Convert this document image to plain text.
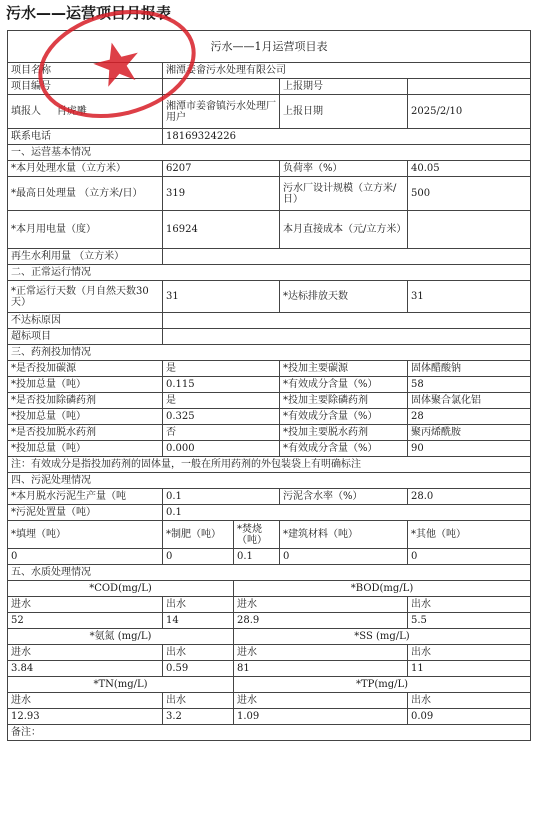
污水——运营项目月报表
污水——1月运营项目表				
项目名称	湘潭姜畲污水处理有限公司			
项目编号			上报期号	
填报人 肖虎雕	湘潭市姜畲镇污水处理厂用户		上报日期	2025/2/10
联系电话	18169324226			
一、运营基本情况				
*本月处理水量（立方米）	6207		负荷率（%）	40.05
*最高日处理量 （立方米/日）	319		污水厂设计规模（立方米/日）	500
*本月用电量（度）	16924		本月直接成本（元/立方米）	
再生水利用量 （立方米）				
二、正常运行情况				
*正常运行天数（月自然天数30天）	31		*达标排放天数	31
不达标原因				
超标项目				
三、药剂投加情况				
*是否投加碳源	是		*投加主要碳源	固体醋酸钠
*投加总量（吨）	0.115		*有效成分含量（%）	58
*是否投加除磷药剂	是		*投加主要除磷药剂	固体聚合氯化铝
*投加总量（吨）	0.325		*有效成分含量（%）	28
*是否投加脱水药剂	否		*投加主要脱水药剂	聚丙烯酰胺
*投加总量（吨）	0.000		*有效成分含量（%）	90
注：有效成分是指投加药剂的固体量，一般在所用药剂的外包装袋上有明确标注				
四、污泥处理情况				
*本月脱水污泥生产量（吨	0.1		污泥含水率（%）	28.0
*污泥处置量（吨）	0.1			
*填埋（吨）	*制肥（吨）	*焚烧（吨）	*建筑材料（吨）	*其他（吨）
0	0	0.1	0	0
五、水质处理情况				
*COD(mg/L)		*BOD(mg/L)		
进水	出水	进水		出水
52	14	28.9		5.5
*氨氮 (mg/L)		*SS (mg/L)		
进水	出水	进水		出水
3.84	0.59	81		11
*TN(mg/L)		*TP(mg/L)		
进水	出水	进水		出水
12.93	3.2	1.09		0.09
备注：				
